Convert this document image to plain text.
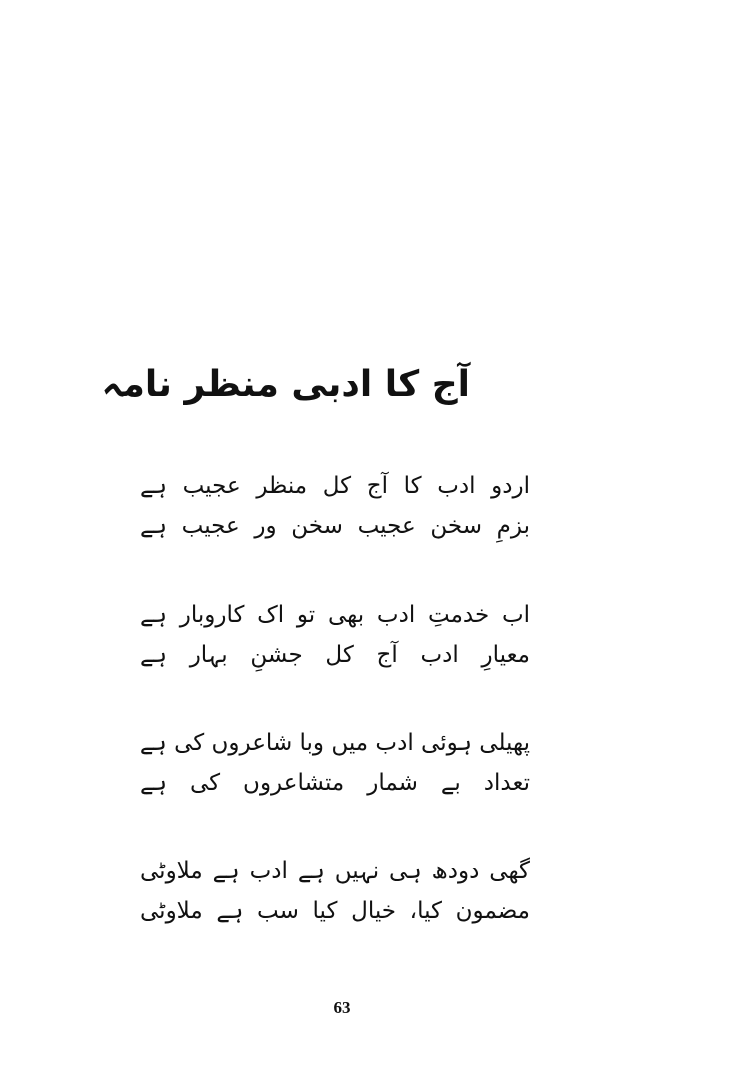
آج کا ادبی منظر نامہ
اردو ادب کا آج کل منظر عجیب ہے
بزمِ سخن عجیب سخن ور عجیب ہے
اب خدمتِ ادب بھی تو اک کاروبار ہے
معیارِ ادب آج کل جشنِ بہار ہے
پھیلی ہوئی ادب میں وبا شاعروں کی ہے
تعداد بے شمار متشاعروں کی ہے
گھی دودھ ہی نہیں ہے ادب ہے ملاوٹی
مضمون کیا، خیال کیا سب ہے ملاوٹی
63
